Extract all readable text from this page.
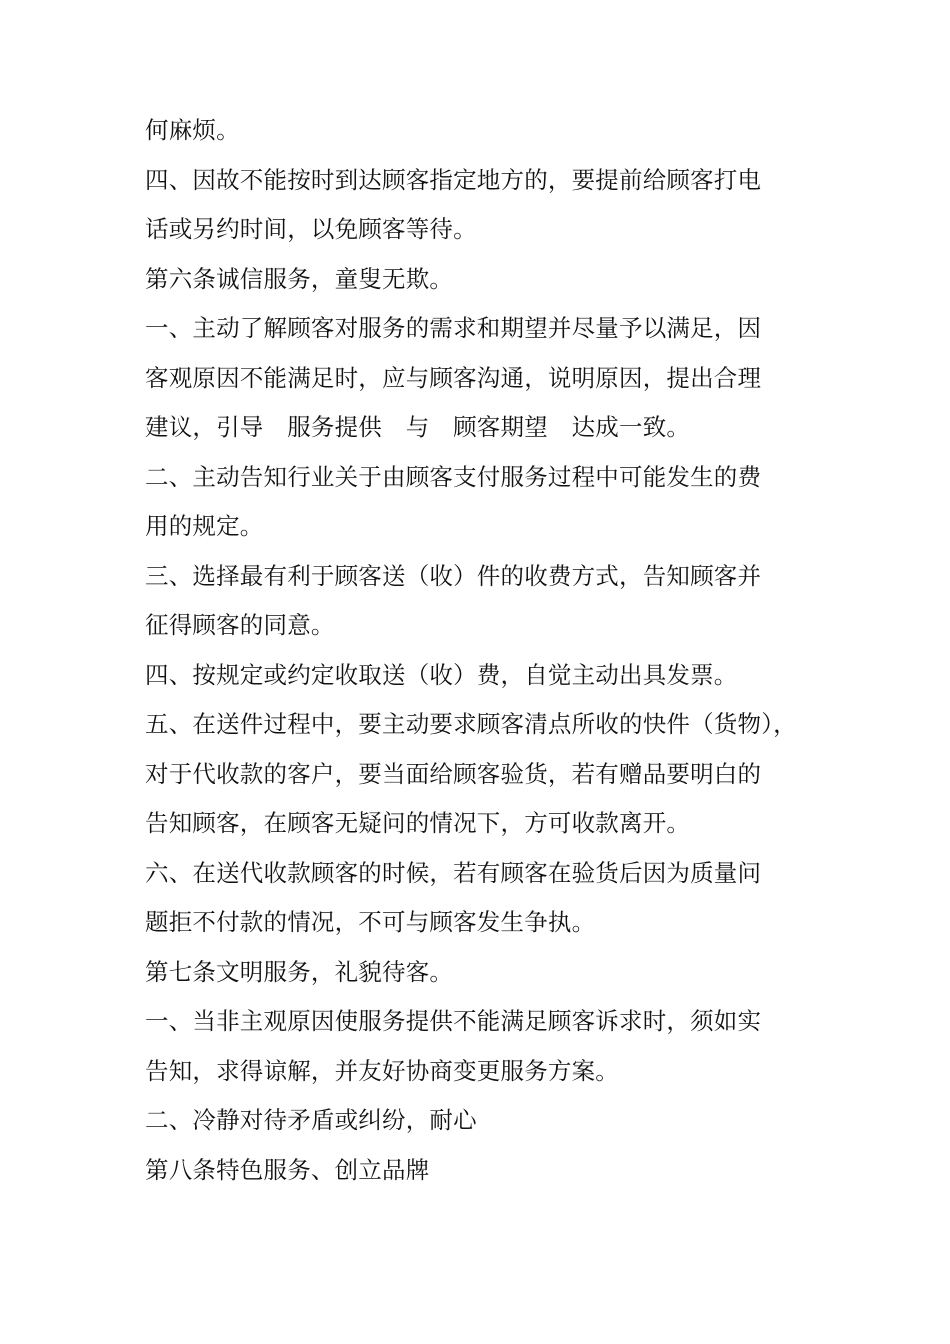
何麻烦。
四、因故不能按时到达顾客指定地方的，要提前给顾客打电
话或另约时间，以免顾客等待。
第六条诚信服务，童叟无欺。
一、主动了解顾客对服务的需求和期望并尽量予以满足，因
客观原因不能满足时，应与顾客沟通，说明原因，提出合理
建议，引导　服务提供　与　顾客期望　达成一致。
二、主动告知行业关于由顾客支付服务过程中可能发生的费
用的规定。
三、选择最有利于顾客送（收）件的收费方式，告知顾客并
征得顾客的同意。
四、按规定或约定收取送（收）费，自觉主动出具发票。
五、在送件过程中，要主动要求顾客清点所收的快件（货物），
对于代收款的客户，要当面给顾客验货，若有赠品要明白的
告知顾客，在顾客无疑问的情况下，方可收款离开。
六、在送代收款顾客的时候，若有顾客在验货后因为质量问
题拒不付款的情况，不可与顾客发生争执。
第七条文明服务，礼貌待客。
一、当非主观原因使服务提供不能满足顾客诉求时，须如实
告知，求得谅解，并友好协商变更服务方案。
二、冷静对待矛盾或纠纷，耐心
第八条特色服务、创立品牌
